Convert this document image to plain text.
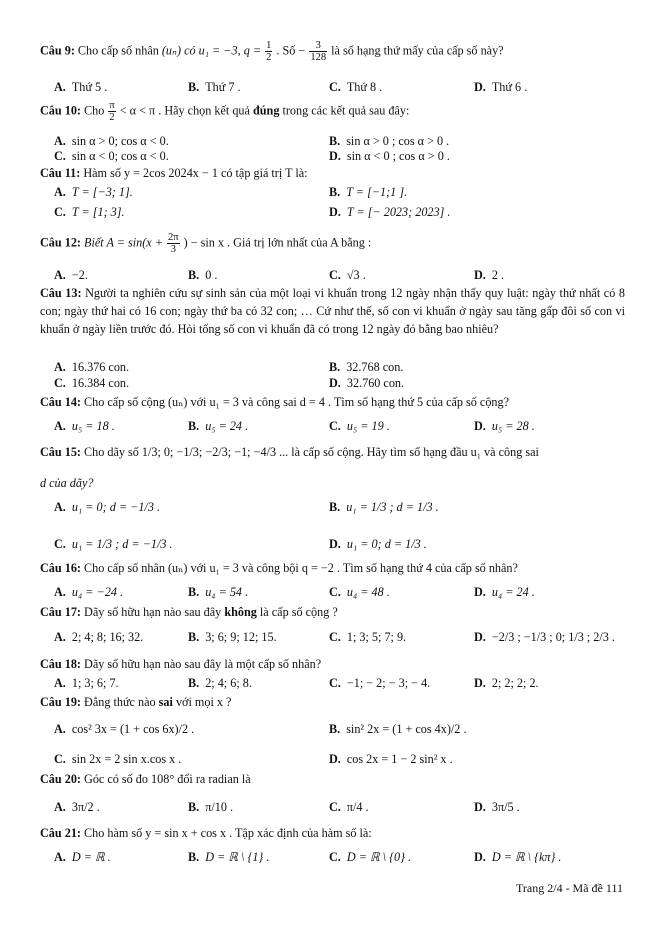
Câu 9: Cho cấp số nhân (uₙ) có u₁ = −3, $q = \frac{1}{2}$ . Số − $\frac{3}{128}$ là số hạng thứ mấy của cấp số này?
A. Thứ 5 .	B. Thứ 7 .	C. Thứ 8 .	D. Thứ 6 .
Câu 10: Cho $\frac{\pi}{2} < \alpha < \pi$ . Hãy chọn kết quả đúng trong các kết quả sau đây:
A. sin α > 0; cos α < 0.	B. sin α > 0 ; cos α > 0 .
C. sin α < 0; cos α < 0.	D. sin α < 0 ; cos α > 0 .
Câu 11: Hàm số y = 2cos 2024x − 1 có tập giá trị T là:
A. T = [−3; 1].	B. T = [−1;1 ].
C. T = [1; 3].	D. T = [− 2023; 2023] .
Câu 12: Biết $A = \sin(x + \frac{2\pi}{3}$ ) − sin x . Giá trị lớn nhất của A bằng :
A. −2.	B. 0 .	C. √3 .	D. 2 .
Câu 13: Người ta nghiên cứu sự sinh sản của một loại vi khuẩn trong 12 ngày nhận thấy quy luật: ngày thứ nhất có 8 con; ngày thứ hai có 16 con; ngày thứ ba có 32 con; … Cứ như thế, số con vi khuẩn ở ngày sau tăng gấp đôi số con vi khuẩn ở ngày liền trước đó. Hỏi tổng số con vi khuẩn đã có trong 12 ngày đó bằng bao nhiêu?
A. 16.376 con.	B. 32.768 con.
C. 16.384 con.	D. 32.760 con.
Câu 14: Cho cấp số cộng (uₙ) với u₁ = 3 và công sai d = 4 . Tìm số hạng thứ 5 của cấp số cộng?
A. u₅ = 18 .	B. u₅ = 24 .	C. u₅ = 19 .	D. u₅ = 28 .
Câu 15: Cho dãy số 1/3; 0; −1/3; −2/3; −1; −4/3 ... là cấp số cộng. Hãy tìm số hạng đầu u₁ và công sai
d của dãy?
A. u₁ = 0; d = −1/3 .	B. u₁ = 1/3 ; d = 1/3 .
C. u₁ = 1/3 ; d = −1/3 .	D. u₁ = 0; d = 1/3 .
Câu 16: Cho cấp số nhân (uₙ) với u₁ = 3 và công bội q = −2 . Tìm số hạng thứ 4 của cấp số nhân?
A. u₄ = −24 .	B. u₄ = 54 .	C. u₄ = 48 .	D. u₄ = 24 .
Câu 17: Dãy số hữu hạn nào sau đây không là cấp số cộng ?
A. 2; 4; 8; 16; 32.	B. 3; 6; 9; 12; 15.	C. 1; 3; 5; 7; 9.	D. −2/3 ; −1/3 ; 0; 1/3 ; 2/3 .
Câu 18: Dãy số hữu hạn nào sau đây là một cấp số nhân?
A. 1; 3; 6; 7.	B. 2; 4; 6; 8.	C. −1; − 2; − 3; − 4.	D. 2; 2; 2; 2.
Câu 19: Đẳng thức nào sai với mọi x ?
A. cos² 3x = (1 + cos 6x)/2 .	B. sin² 2x = (1 + cos 4x)/2 .
C. sin 2x = 2 sin x.cos x .	D. cos 2x = 1 − 2 sin² x .
Câu 20: Góc có số đo 108° đổi ra radian là
A. 3π/2 .	B. π/10 .	C. π/4 .	D. 3π/5 .
Câu 21: Cho hàm số y = sin x + cos x . Tập xác định của hàm số là:
A. D = ℝ .	B. D = ℝ \ {1} .	C. D = ℝ \ {0} .	D. D = ℝ \ {kπ} .
Trang 2/4 - Mã đề 111
